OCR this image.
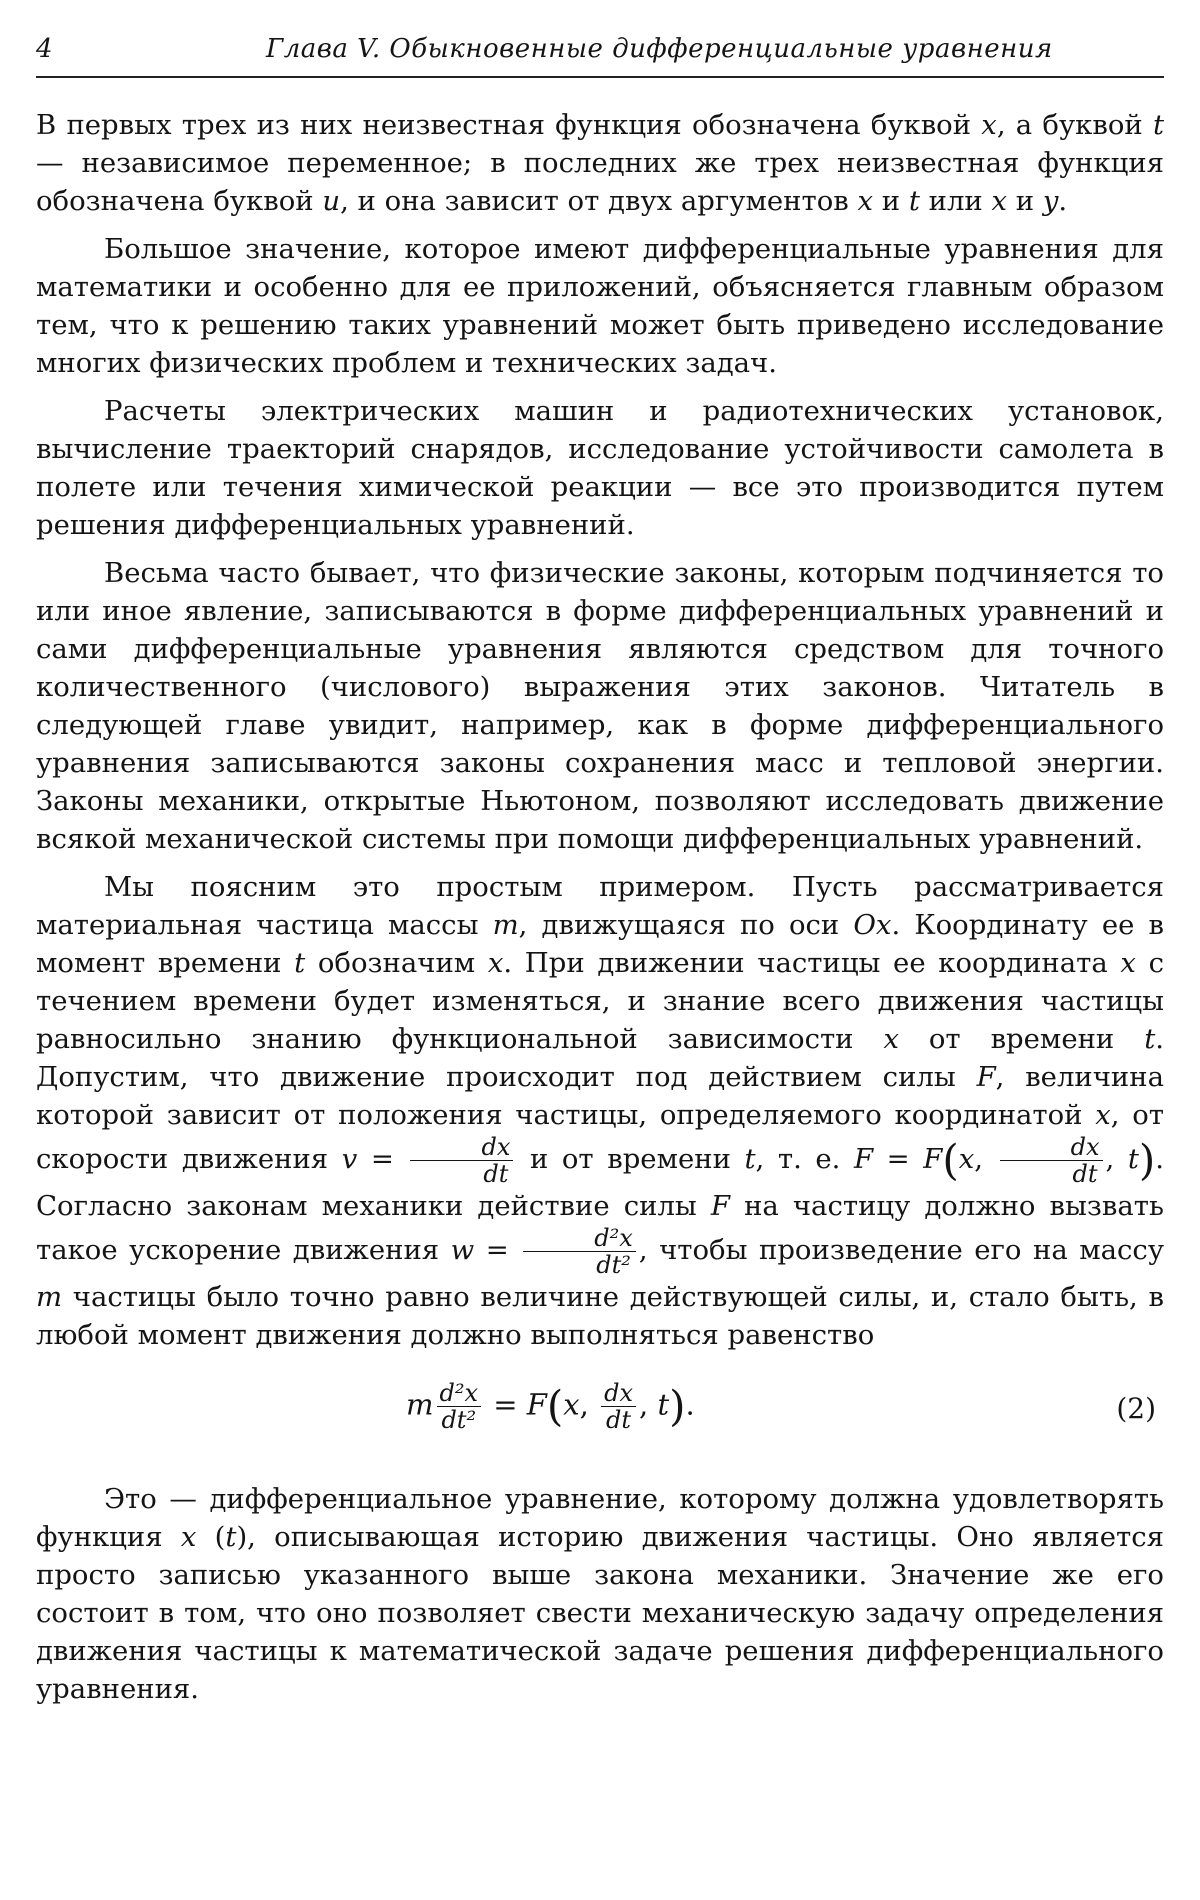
4	Глава V. Обыкновенные дифференциальные уравнения

В первых трех из них неизвестная функция обозначена буквой x, а буквой t — независимое переменное; в последних же трех неизвестная функция обозначена буквой u, и она зависит от двух аргументов x и t или x и y.

Большое значение, которое имеют дифференциальные уравнения для математики и особенно для ее приложений, объясняется главным образом тем, что к решению таких уравнений может быть приведено исследование многих физических проблем и технических задач.

Расчеты электрических машин и радиотехнических установок, вычисление траекторий снарядов, исследование устойчивости самолета в полете или течения химической реакции — все это производится путем решения дифференциальных уравнений.

Весьма часто бывает, что физические законы, которым подчиняется то или иное явление, записываются в форме дифференциальных уравнений и сами дифференциальные уравнения являются средством для точного количественного (числового) выражения этих законов. Читатель в следующей главе увидит, например, как в форме дифференциального уравнения записываются законы сохранения масс и тепловой энергии. Законы механики, открытые Ньютоном, позволяют исследовать движение всякой механической системы при помощи дифференциальных уравнений.

Мы поясним это простым примером. Пусть рассматривается материальная частица массы m, движущаяся по оси Ox. Координату ее в момент времени t обозначим x. При движении частицы ее координата x с течением времени будет изменяться, и знание всего движения частицы равносильно знанию функциональной зависимости x от времени t. Допустим, что движение происходит под действием силы F, величина которой зависит от положения частицы, определяемого координатой x, от скорости движения $v = \frac{dx}{dt}$ и от времени t, т. е. F = F(x, $\frac{dx}{dt}$ , t). Согласно законам механики действие силы F на частицу должно вызвать такое ускорение движения $w = \frac{\text{d²x}}{\text{dt²}}$ , чтобы произведение его на массу m частицы было точно равно величине действующей силы, и, стало быть, в любой момент движения должно выполняться равенство

m $\frac{\text{d²x}}{\text{dt²}} = F(x$, $\frac{dx}{dt}$ , t).	(2)

Это — дифференциальное уравнение, которому должна удовлетворять функция x (t), описывающая историю движения частицы. Оно является просто записью указанного выше закона механики. Значение же его состоит в том, что оно позволяет свести механическую задачу определения движения частицы к математической задаче решения дифференциального уравнения.
